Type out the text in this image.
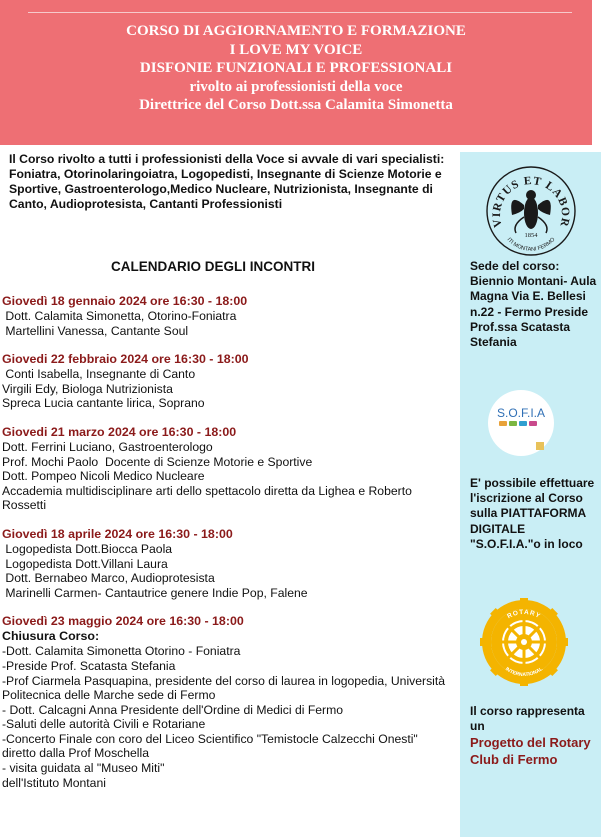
CORSO DI AGGIORNAMENTO E FORMAZIONE
I LOVE MY VOICE
DISFONIE FUNZIONALI E PROFESSIONALI
rivolto ai professionisti della voce
Direttrice del Corso Dott.ssa Calamita Simonetta
Il Corso rivolto a tutti i professionisti della Voce si avvale di vari specialisti:
Foniatra, Otorinolaringoiatra, Logopedisti, Insegnante di Scienze Motorie e Sportive, Gastroenterologo,Medico Nucleare, Nutrizionista, Insegnante di Canto, Audioprotesista, Cantanti Professionisti
CALENDARIO DEGLI INCONTRI
Giovedì 18 gennaio 2024 ore 16:30 - 18:00
Dott. Calamita Simonetta, Otorino-Foniatra
Martellini Vanessa, Cantante Soul
Giovedi 22 febbraio 2024 ore 16:30 - 18:00
Conti Isabella, Insegnante di Canto
Virgili Edy, Biologa Nutrizionista
Spreca Lucia cantante lirica, Soprano
Giovedi 21 marzo 2024 ore 16:30 - 18:00
Dott. Ferrini Luciano, Gastroenterologo
Prof. Mochi Paolo  Docente di Scienze Motorie e Sportive
Dott. Pompeo Nicoli Medico Nucleare
Accademia multidisciplinare arti dello spettacolo diretta da Lighea e Roberto Rossetti
Giovedì 18 aprile 2024 ore 16:30 - 18:00
Logopedista Dott.Biocca Paola
Logopedista Dott.Villani Laura
Dott. Bernabeo Marco, Audioprotesista
Marinelli Carmen- Cantautrice genere Indie Pop, Falene
Giovedì 23 maggio 2024 ore 16:30 - 18:00
Chiusura Corso:
-Dott. Calamita Simonetta Otorino - Foniatra
-Preside Prof. Scatasta Stefania
-Prof Ciarmela Pasquapina, presidente del corso di laurea in logopedia, Università Politecnica delle Marche sede di Fermo
- Dott. Calcagni Anna Presidente dell'Ordine di Medici di Fermo
-Saluti delle autorità Civili e Rotariane
-Concerto Finale con coro del Liceo Scientifico "Temistocle Calzecchi Onesti" diretto dalla Prof Moschella
- visita guidata al "Museo Miti"
dell'Istituto Montani
VIRTUS ET LABOR
1854
ITI MONTANI FERMO
Sede del corso: Biennio Montani- Aula Magna Via E. Bellesi n.22 - Fermo Preside Prof.ssa Scatasta Stefania
S.O.F.I.A
E' possibile effettuare l'iscrizione al Corso sulla PIATTAFORMA DIGITALE "S.O.F.I.A."o in loco
ROTARY
INTERNATIONAL
Il corso rappresenta un
Progetto del Rotary Club di Fermo
